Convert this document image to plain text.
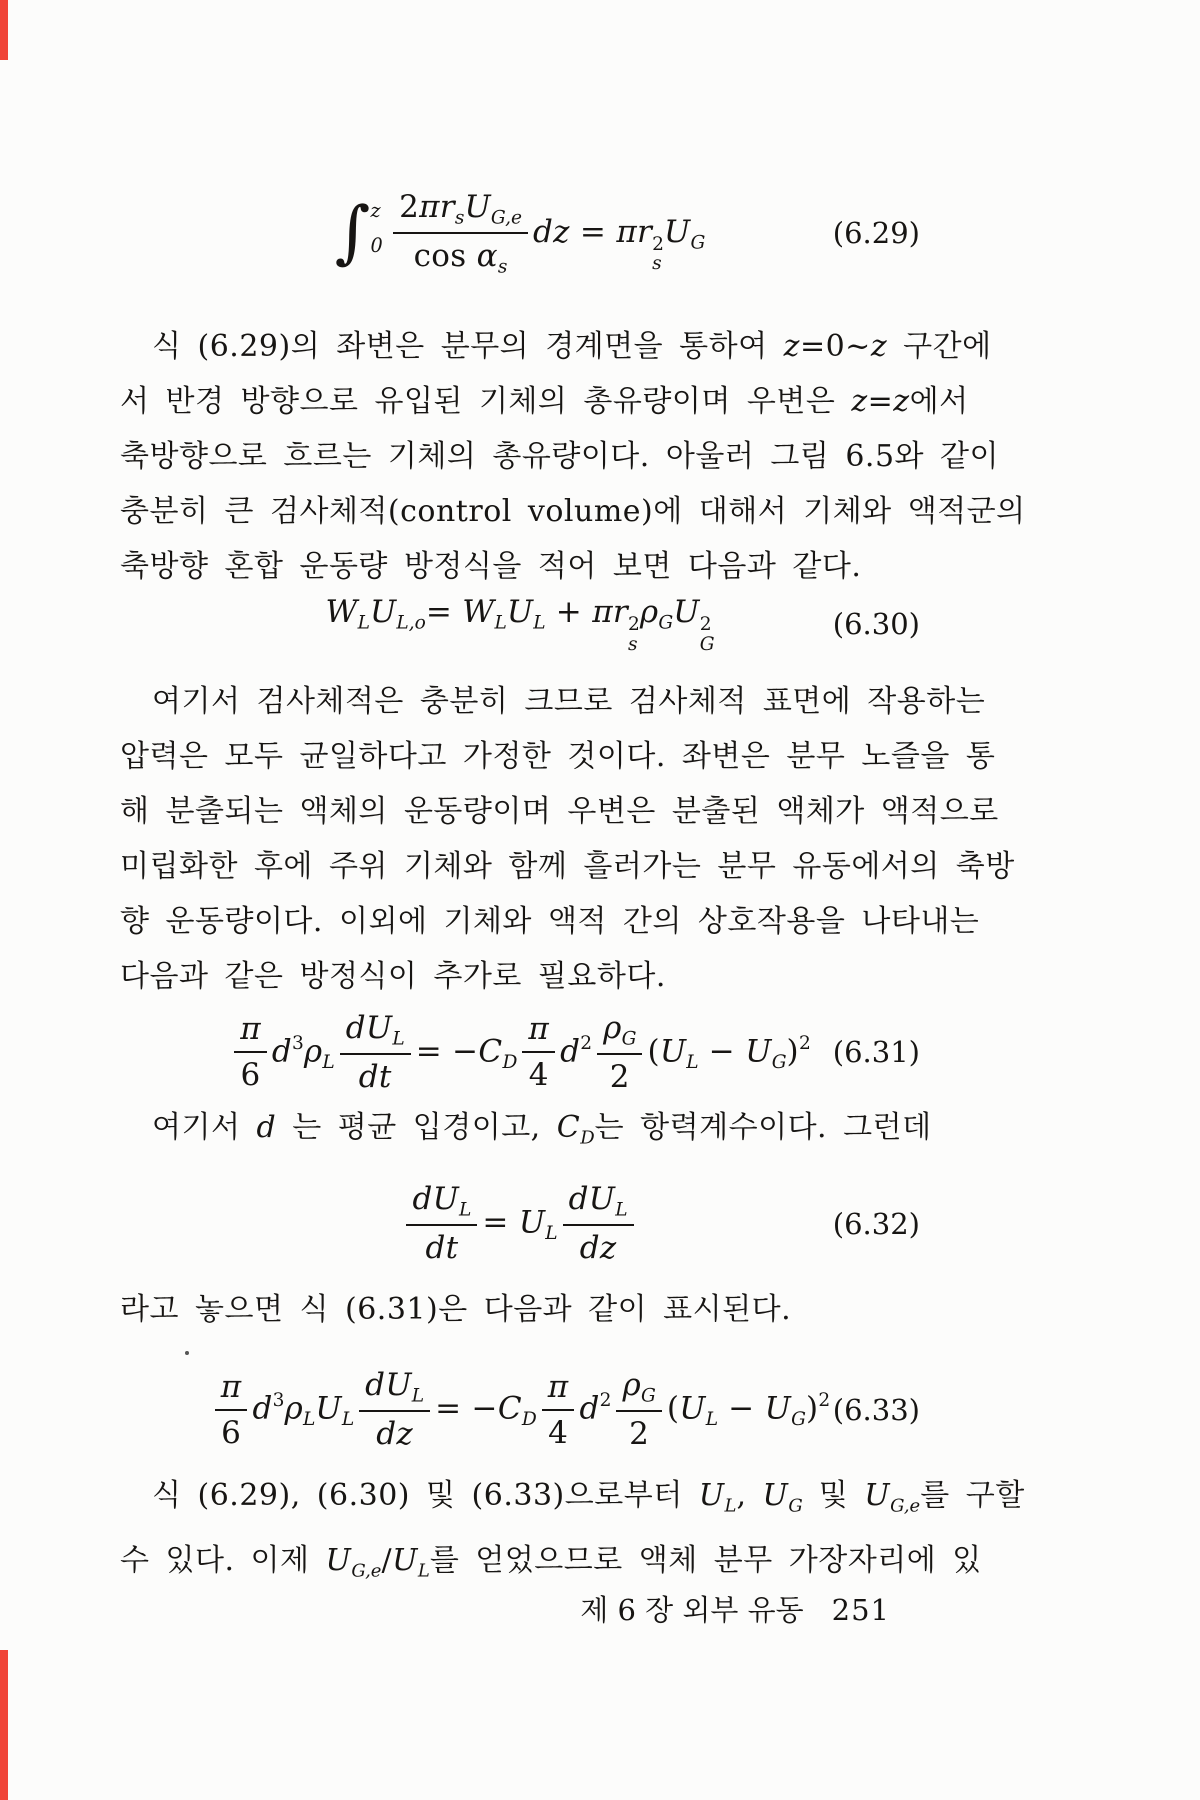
∫ z
0
$2\pi r_sU_{G,e}$
$\cos \alpha_s$
dz = πr 2
s
$U_G$	(6.29)
식 (6.29)의 좌변은 분무의 경계면을 통하여 z=0~z 구간에
서 반경 방향으로 유입된 기체의 총유량이며 우변은 z=z에서
축방향으로 흐르는 기체의 총유량이다. 아울러 그림 6.5와 같이
충분히 큰 검사체적(control volume)에 대해서 기체와 액적군의
축방향 혼합 운동량 방정식을 적어 보면 다음과 같다.
$W_LU_{L,o}= W_LU_L + \pi r$ 2
s
$\rho_GU$ 2
G
(6.30)
여기서 검사체적은 충분히 크므로 검사체적 표면에 작용하는
압력은 모두 균일하다고 가정한 것이다. 좌변은 분무 노즐을 통
해 분출되는 액체의 운동량이며 우변은 분출된 액체가 액적으로
미립화한 후에 주위 기체와 함께 흘러가는 분무 유동에서의 축방
향 운동량이다. 이외에 기체와 액적 간의 상호작용을 나타내는
다음과 같은 방정식이 추가로 필요하다.
$\frac{\pi}{6} d^3\rho_L$
$dU_L$
dt
= $-C_D \frac{\pi}{4} d^2 \frac{\rho_G}{2} (U_L - U_G)^2$ (6.31)
여기서 d 는 평균 입경이고, $C_D$는 항력계수이다. 그런데
$dU_L$
dt
= $U_L$
$dU_L$
dz
(6.32)
라고 놓으면 식 (6.31)은 다음과 같이 표시된다.
$\frac{\pi}{6} d^3\rho_LU_L$
$dU_L$
dz
= $-C_D \frac{\pi}{4} d^2 \frac{\rho_G}{2} (U_L - U_G)^2$ (6.33)
식 (6.29), (6.30) 및 (6.33)으로부터 $U_L$, $U_G$ 및 $U_{G,e}$를 구할
수 있다. 이제 $U_{G,e}/U_L$를 얻었으므로 액체 분무 가장자리에 있
제 6 장 외부 유동 251
